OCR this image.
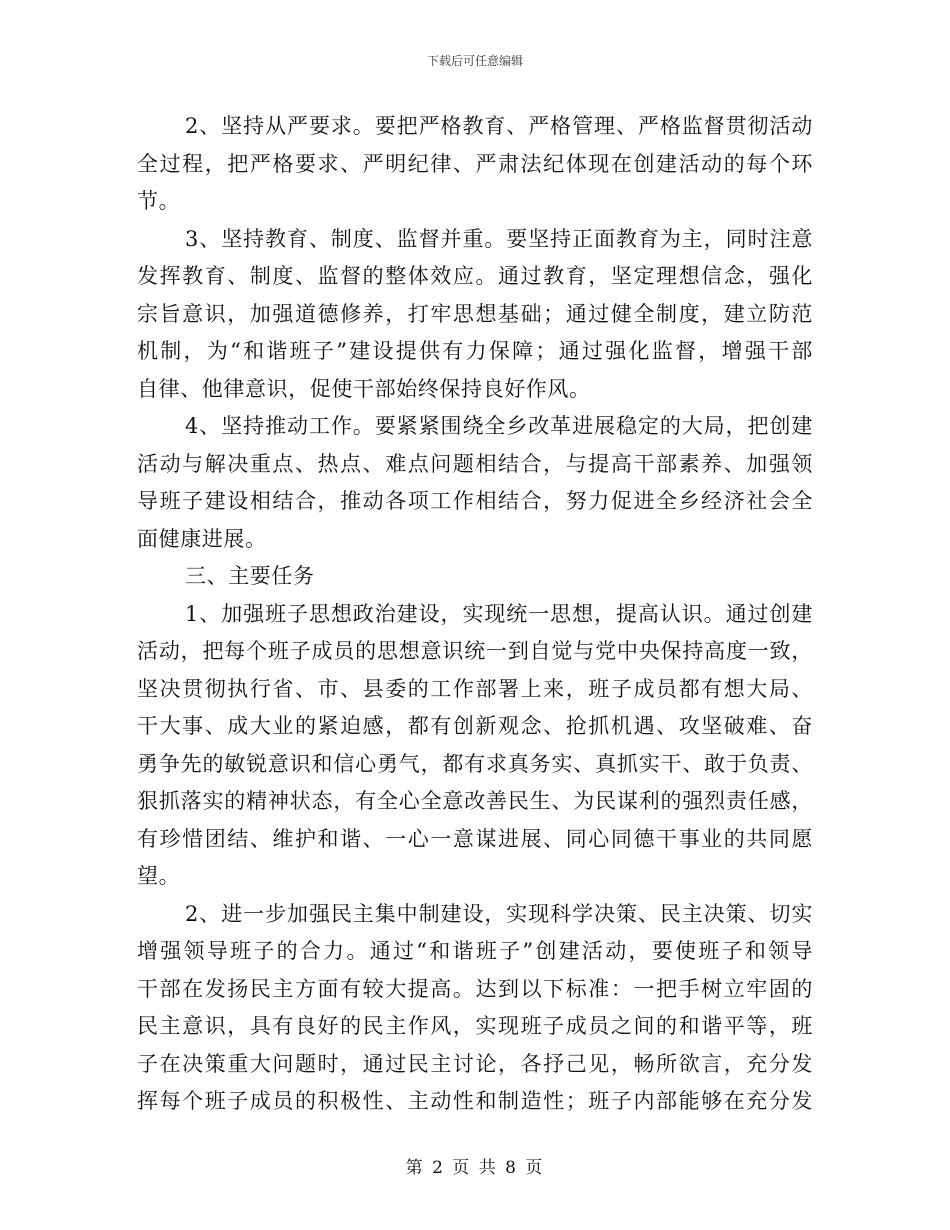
下载后可任意编辑
2、坚持从严要求。要把严格教育、严格管理、严格监督贯彻活动
全过程，把严格要求、严明纪律、严肃法纪体现在创建活动的每个环
节。
3、坚持教育、制度、监督并重。要坚持正面教育为主，同时注意
发挥教育、制度、监督的整体效应。通过教育，坚定理想信念，强化
宗旨意识，加强道德修养，打牢思想基础；通过健全制度，建立防范
机制，为“和谐班子”建设提供有力保障；通过强化监督，增强干部
自律、他律意识，促使干部始终保持良好作风。
4、坚持推动工作。要紧紧围绕全乡改革进展稳定的大局，把创建
活动与解决重点、热点、难点问题相结合，与提高干部素养、加强领
导班子建设相结合，推动各项工作相结合，努力促进全乡经济社会全
面健康进展。
三、主要任务
1、加强班子思想政治建设，实现统一思想，提高认识。通过创建
活动，把每个班子成员的思想意识统一到自觉与党中央保持高度一致，
坚决贯彻执行省、市、县委的工作部署上来，班子成员都有想大局、
干大事、成大业的紧迫感，都有创新观念、抢抓机遇、攻坚破难、奋
勇争先的敏锐意识和信心勇气，都有求真务实、真抓实干、敢于负责、
狠抓落实的精神状态，有全心全意改善民生、为民谋利的强烈责任感，
有珍惜团结、维护和谐、一心一意谋进展、同心同德干事业的共同愿
望。
2、进一步加强民主集中制建设，实现科学决策、民主决策、切实
增强领导班子的合力。通过“和谐班子”创建活动，要使班子和领导
干部在发扬民主方面有较大提高。达到以下标准：一把手树立牢固的
民主意识，具有良好的民主作风，实现班子成员之间的和谐平等，班
子在决策重大问题时，通过民主讨论，各抒己见，畅所欲言，充分发
挥每个班子成员的积极性、主动性和制造性；班子内部能够在充分发
第 2 页 共 8 页
